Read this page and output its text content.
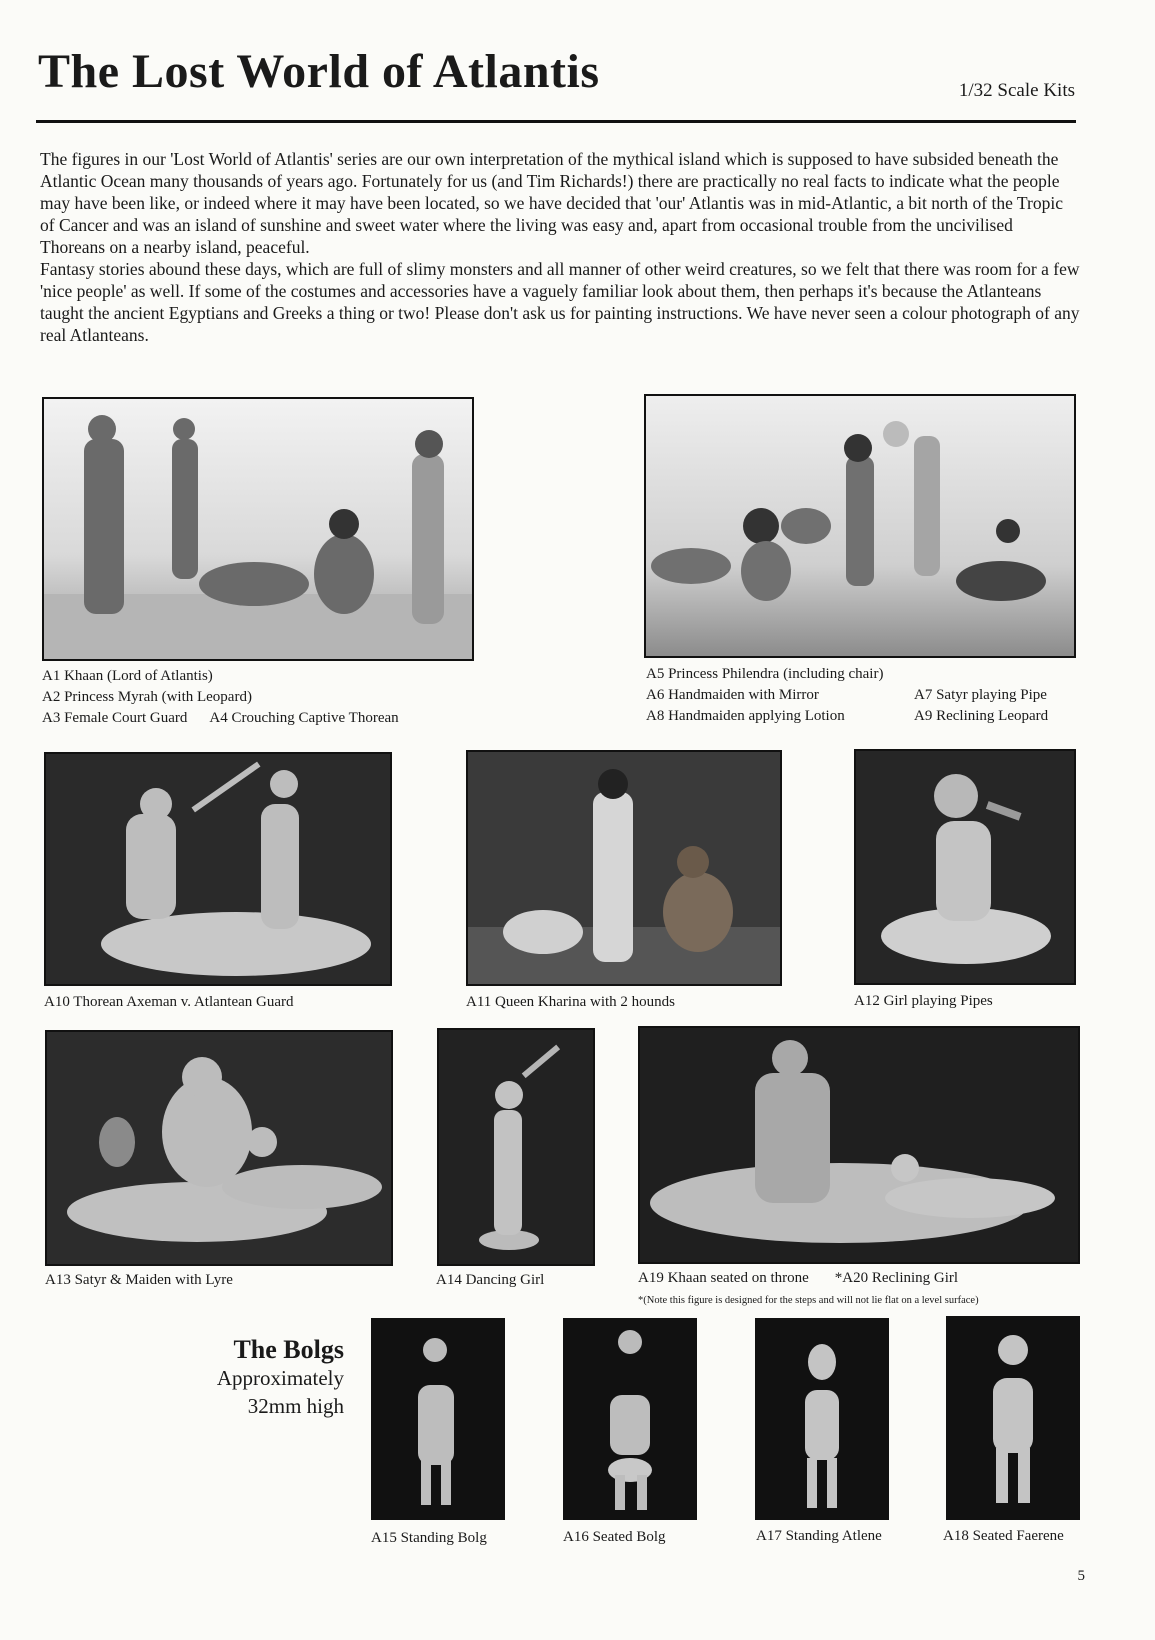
The Lost World of Atlantis	1/32 Scale Kits

The figures in our 'Lost World of Atlantis' series are our own interpretation of the mythical island which is supposed to have subsided beneath the Atlantic Ocean many thousands of years ago. Fortunately for us (and Tim Richards!) there are practically no real facts to indicate what the people may have been like, or indeed where it may have been located, so we have decided that 'our' Atlantis was in mid-Atlantic, a bit north of the Tropic of Cancer and was an island of sunshine and sweet water where the living was easy and, apart from occasional trouble from the uncivilised Thoreans on a nearby island, peaceful.

Fantasy stories abound these days, which are full of slimy monsters and all manner of other weird creatures, so we felt that there was room for a few 'nice people' as well. If some of the costumes and accessories have a vaguely familiar look about them, then perhaps it's because the Atlanteans taught the ancient Egyptians and Greeks a thing or two! Please don't ask us for painting instructions. We have never seen a colour photograph of any real Atlanteans.

A1 Khaan (Lord of Atlantis)
A2 Princess Myrah (with Leopard)
A3 Female Court Guard A4 Crouching Captive Thorean
A5 Princess Philendra (including chair)
A6 Handmaiden with Mirror	A7 Satyr playing Pipe
A8 Handmaiden applying Lotion	A9 Reclining Leopard
A10 Thorean Axeman v. Atlantean Guard	A11 Queen Kharina with 2 hounds	A12 Girl playing Pipes
A13 Satyr & Maiden with Lyre	A14 Dancing Girl	A19 Khaan seated on throne *A20 Reclining Girl
*(Note this figure is designed for the steps and will not lie flat on a level surface)
The Bolgs
Approximately
32mm high
A15 Standing Bolg	A16 Seated Bolg	A17 Standing Atlene	A18 Seated Faerene
5
